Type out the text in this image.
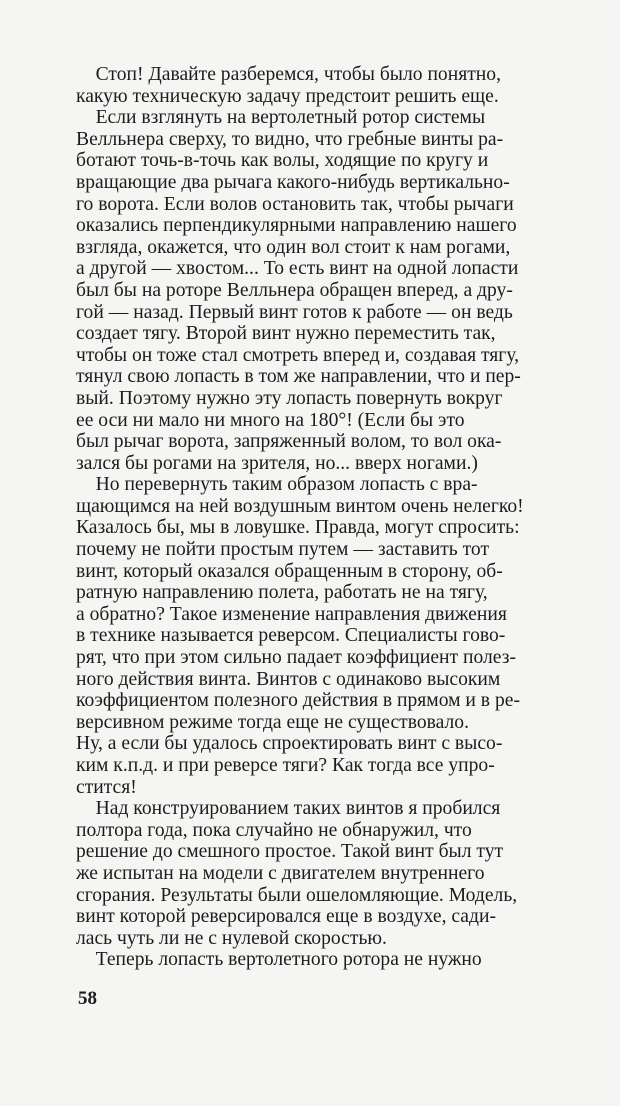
Стоп! Давайте разберемся, чтобы было понятно,
какую техническую задачу предстоит решить еще.
Если взглянуть на вертолетный ротор системы
Велльнера сверху, то видно, что гребные винты ра-
ботают точь-в-точь как волы, ходящие по кругу и
вращающие два рычага какого-нибудь вертикально-
го ворота. Если волов остановить так, чтобы рычаги
оказались перпендикулярными направлению нашего
взгляда, окажется, что один вол стоит к нам рогами,
а другой — хвостом... То есть винт на одной лопасти
был бы на роторе Велльнера обращен вперед, а дру-
гой — назад. Первый винт готов к работе — он ведь
создает тягу. Второй винт нужно переместить так,
чтобы он тоже стал смотреть вперед и, создавая тягу,
тянул свою лопасть в том же направлении, что и пер-
вый. Поэтому нужно эту лопасть повернуть вокруг
ее оси ни мало ни много на 180°! (Если бы это
был рычаг ворота, запряженный волом, то вол ока-
зался бы рогами на зрителя, но... вверх ногами.)
Но перевернуть таким образом лопасть с вра-
щающимся на ней воздушным винтом очень нелегко!
Казалось бы, мы в ловушке. Правда, могут спросить:
почему не пойти простым путем — заставить тот
винт, который оказался обращенным в сторону, об-
ратную направлению полета, работать не на тягу,
а обратно? Такое изменение направления движения
в технике называется реверсом. Специалисты гово-
рят, что при этом сильно падает коэффициент полез-
ного действия винта. Винтов с одинаково высоким
коэффициентом полезного действия в прямом и в ре-
версивном режиме тогда еще не существовало.
Ну, а если бы удалось спроектировать винт с высо-
ким к.п.д. и при реверсе тяги? Как тогда все упро-
стится!
Над конструированием таких винтов я пробился
полтора года, пока случайно не обнаружил, что
решение до смешного простое. Такой винт был тут
же испытан на модели с двигателем внутреннего
сгорания. Результаты были ошеломляющие. Модель,
винт которой реверсировался еще в воздухе, сади-
лась чуть ли не с нулевой скоростью.
Теперь лопасть вертолетного ротора не нужно
58
